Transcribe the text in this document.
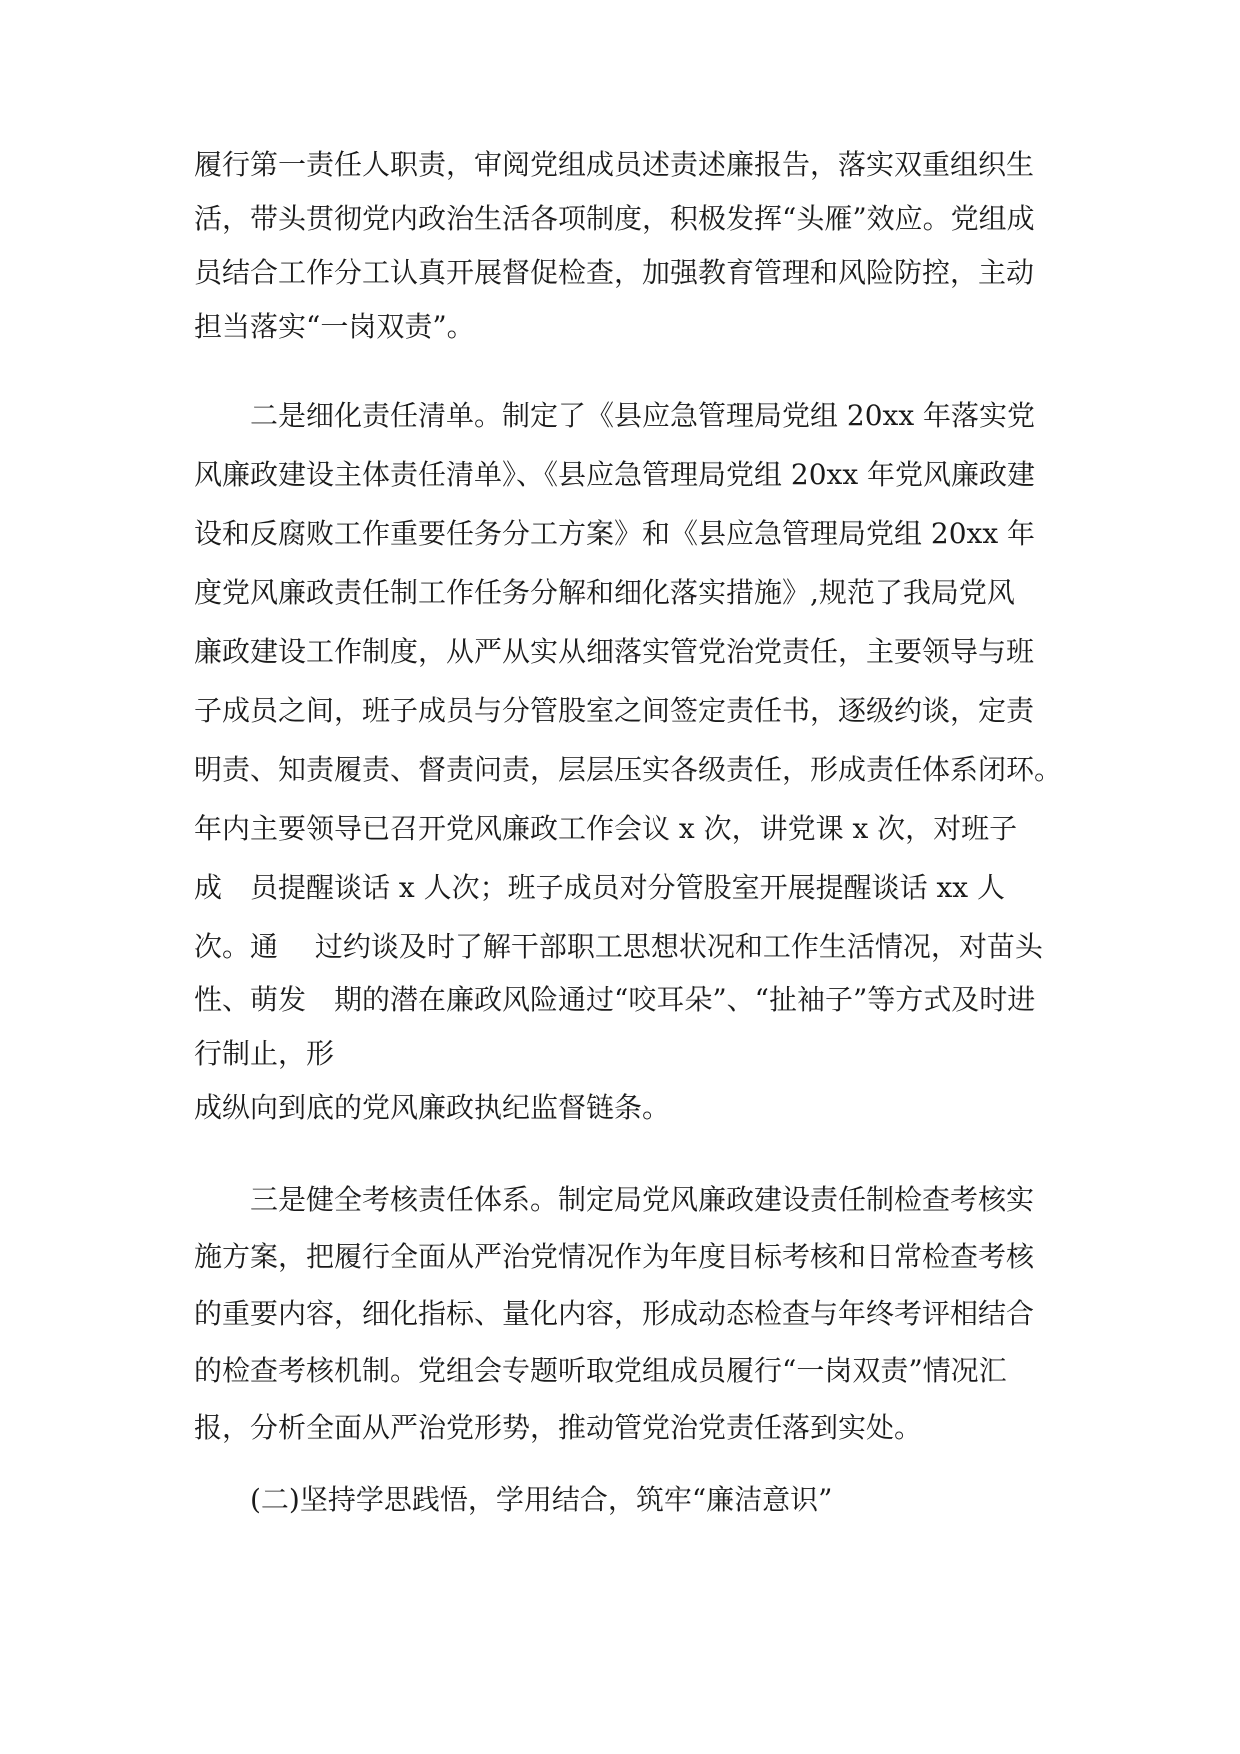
履行第一责任人职责，审阅党组成员述责述廉报告，落实双重组织生
活，带头贯彻党内政治生活各项制度，积极发挥“头雁”效应。党组成
员结合工作分工认真开展督促检查，加强教育管理和风险防控，主动
担当落实“一岗双责”。
　　二是细化责任清单。制定了《县应急管理局党组 20xx 年落实党
风廉政建设主体责任清单》、《县应急管理局党组 20xx 年党风廉政建
设和反腐败工作重要任务分工方案》和《县应急管理局党组 20xx 年
度党风廉政责任制工作任务分解和细化落实措施》,规范了我局党风
廉政建设工作制度，从严从实从细落实管党治党责任，主要领导与班
子成员之间，班子成员与分管股室之间签定责任书，逐级约谈，定责
明责、知责履责、督责问责，层层压实各级责任，形成责任体系闭环。
年内主要领导已召开党风廉政工作会议 x 次，讲党课 x 次，对班子
成　员提醒谈话 x 人次；班子成员对分管股室开展提醒谈话 xx 人
次。通　 过约谈及时了解干部职工思想状况和工作生活情况，对苗头
性、萌发　期的潜在廉政风险通过“咬耳朵”、“扯袖子”等方式及时进
行制止，形
成纵向到底的党风廉政执纪监督链条。
　　三是健全考核责任体系。制定局党风廉政建设责任制检查考核实
施方案，把履行全面从严治党情况作为年度目标考核和日常检查考核
的重要内容，细化指标、量化内容，形成动态检查与年终考评相结合
的检查考核机制。党组会专题听取党组成员履行“一岗双责”情况汇
报，分析全面从严治党形势，推动管党治党责任落到实处。
　　(二)坚持学思践悟，学用结合，筑牢“廉洁意识”
